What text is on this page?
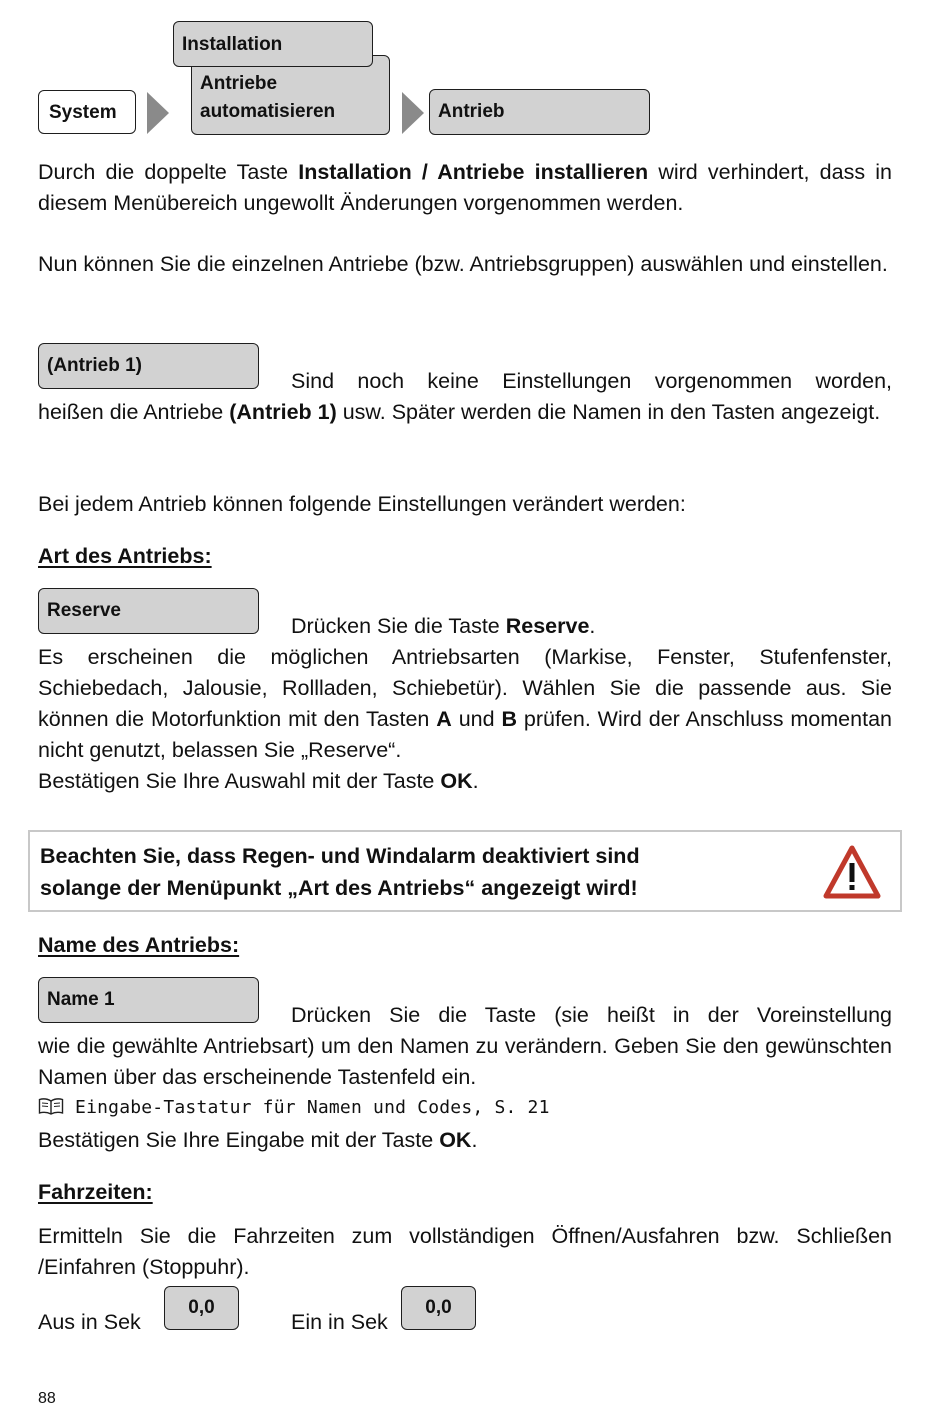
System
Antriebe
automatisieren
Installation
Antrieb
Durch die doppelte Taste Installation / Antriebe installieren wird verhindert, dass in diesem Menübereich ungewollt Änderungen vorgenommen werden.
Nun können Sie die einzelnen Antriebe (bzw. Antriebsgruppen) auswählen und einstellen.
(Antrieb 1)
Sind noch keine Einstellungen vorgenommen worden,
heißen die Antriebe (Antrieb 1) usw. Später werden die Namen in den Tasten angezeigt.
Bei jedem Antrieb können folgende Einstellungen verändert werden:
Art des Antriebs:
Reserve
Drücken Sie die Taste Reserve.
Es erscheinen die möglichen Antriebsarten (Markise, Fenster, Stufenfenster, Schiebedach, Jalousie, Rollladen, Schiebetür). Wählen Sie die passende aus. Sie können die Motorfunktion mit den Tasten A und B prüfen. Wird der Anschluss momentan nicht genutzt, belassen Sie „Reserve“.
Bestätigen Sie Ihre Auswahl mit der Taste OK.
Beachten Sie, dass Regen- und Windalarm deaktiviert sind
solange der Menüpunkt „Art des Antriebs“ angezeigt wird!
Name des Antriebs:
Name 1
Drücken Sie die Taste (sie heißt in der Voreinstellung
wie die gewählte Antriebsart) um den Namen zu verändern. Geben Sie den gewünschten Namen über das erscheinende Tastenfeld ein.
Eingabe-Tastatur für Namen und Codes, S. 21
Bestätigen Sie Ihre Eingabe mit der Taste OK.
Fahrzeiten:
Ermitteln Sie die Fahrzeiten zum vollständigen Öffnen/Ausfahren bzw. Schließen /Einfahren (Stoppuhr).
Aus in Sek
0,0
Ein in Sek
0,0
88
